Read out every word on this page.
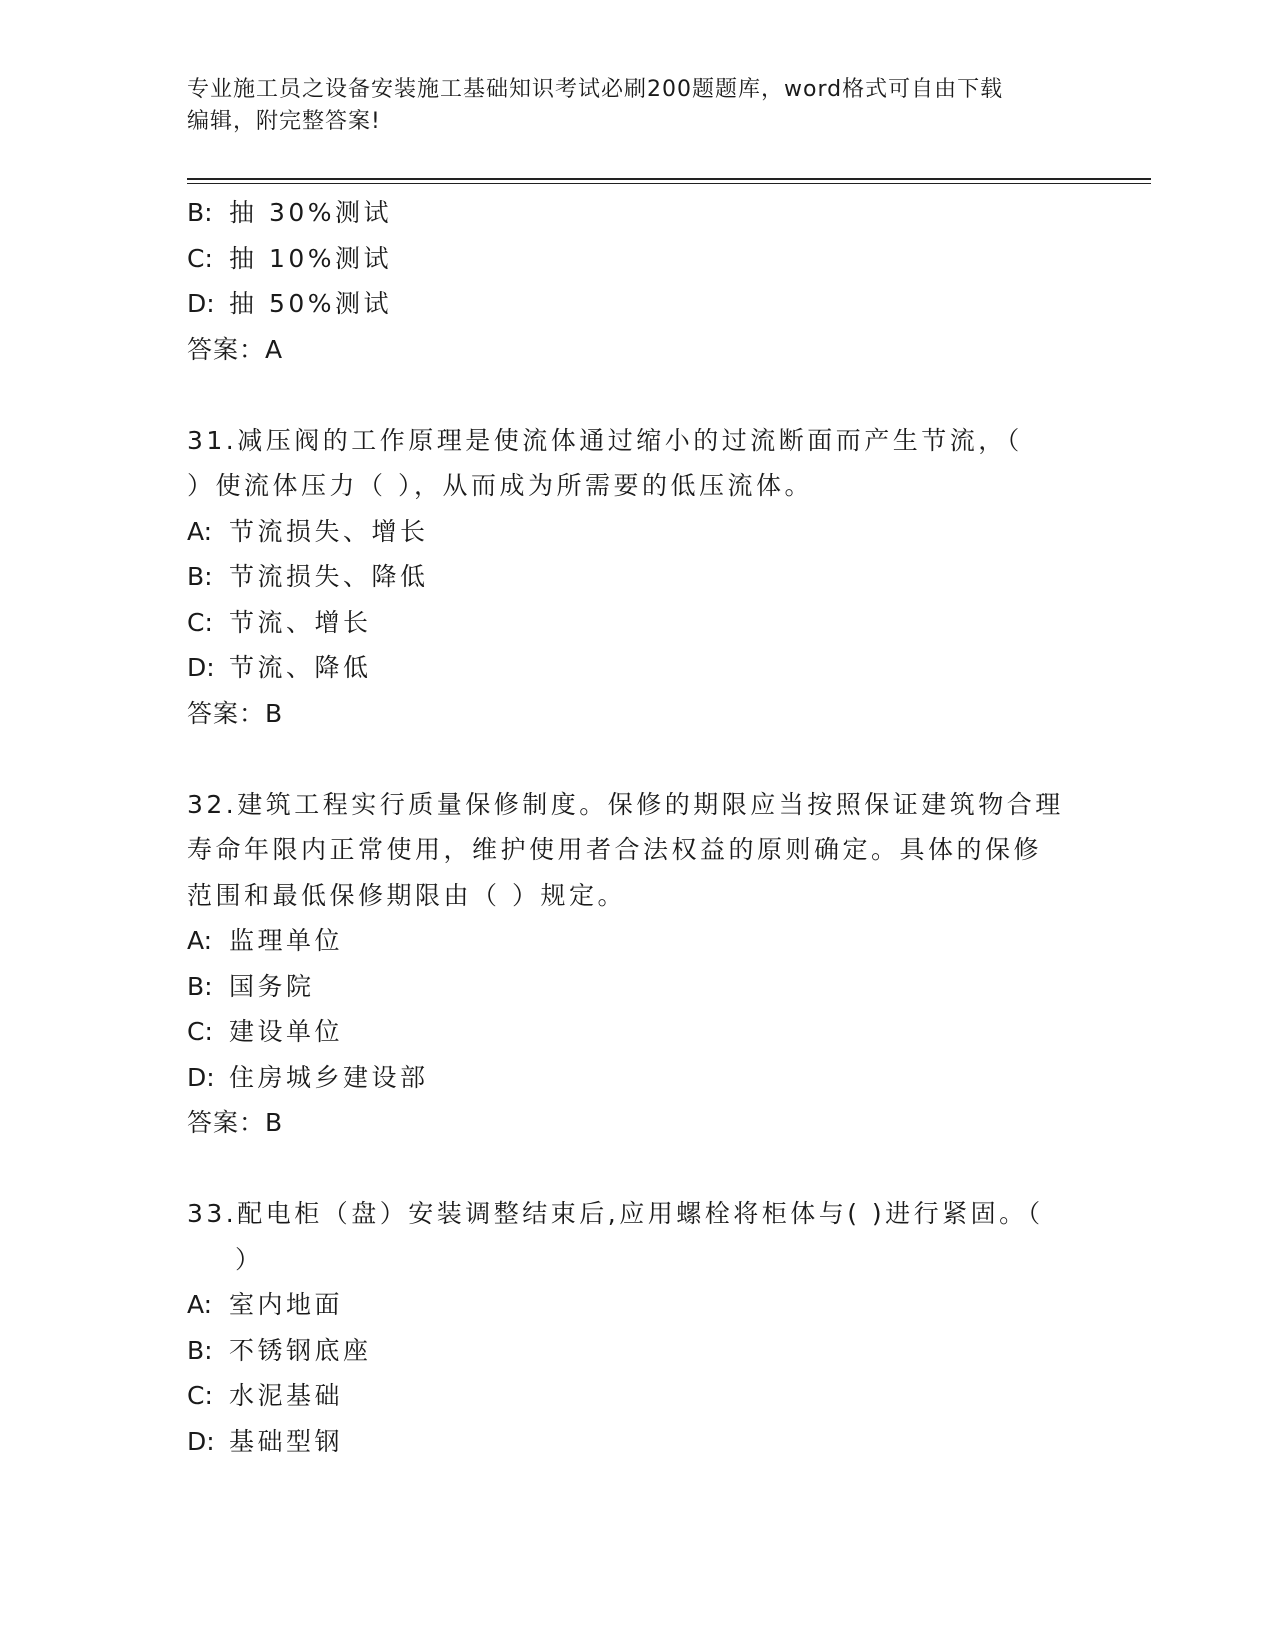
专业施工员之设备安装施工基础知识考试必刷200题题库，word格式可自由下载
编辑，附完整答案!
B: 抽 30%测试
C: 抽 10%测试
D: 抽 50%测试
答案：A
31.减压阀的工作原理是使流体通过缩小的过流断面而产生节流，（
）使流体压力（ ），从而成为所需要的低压流体。
A: 节流损失、增长
B: 节流损失、降低
C: 节流、增长
D: 节流、降低
答案：B
32.建筑工程实行质量保修制度。保修的期限应当按照保证建筑物合理
寿命年限内正常使用，维护使用者合法权益的原则确定。具体的保修
范围和最低保修期限由（ ）规定。
A: 监理单位
B: 国务院
C: 建设单位
D: 住房城乡建设部
答案：B
33.配电柜（盘）安装调整结束后,应用螺栓将柜体与( )进行紧固。（
）
A: 室内地面
B: 不锈钢底座
C: 水泥基础
D: 基础型钢
